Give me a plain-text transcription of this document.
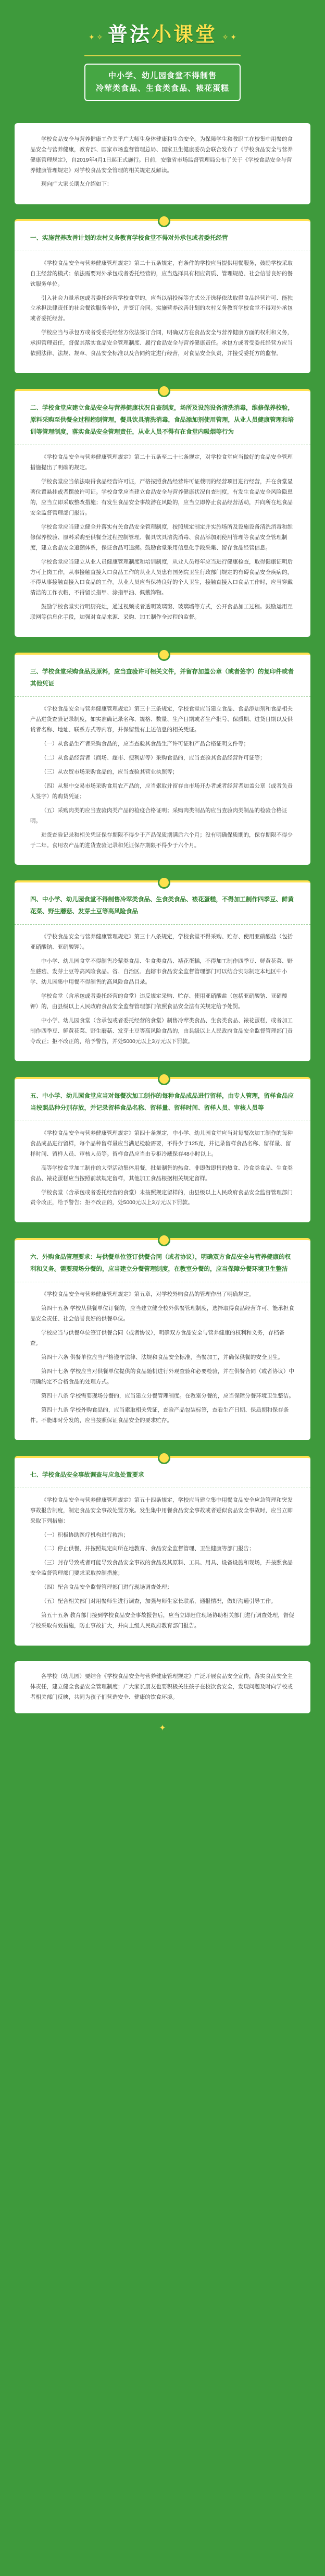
✦ ✧ 普法小课堂 ✧ ✦
中小学、幼儿园食堂不得制售
冷荤类食品、生食类食品、裱花蛋糕

学校食品安全与营养健康工作关乎广大师生身体健康和生命安全。为保障学生和教职工在校集中用餐的食品安全与营养健康，教育部、国家市场监督管理总局、国家卫生健康委员会联合发布了《学校食品安全与营养健康管理规定》，自2019年4月1日起正式施行。日前，安徽省市场监督管理局公布了关于《学校食品安全与营养健康管理规定》对学校食品安全管理的相关规定及解读。

现向广大家长朋友介绍如下：

一、实施营养改善计划的农村义务教育学校食堂不得对外承包或者委托经营

《学校食品安全与营养健康管理规定》第二十五条规定，有条件的学校应当提供用餐服务，鼓励学校采取自主经营的模式；依法需要对外承包或者委托经营的，应当选择具有相应资质、管理规范、社会信誉良好的餐饮服务单位。

引入社会力量承包或者委托经营学校食堂的，应当以招投标等方式公开选择依法取得食品经营许可、能独立承担法律责任的社会餐饮服务单位，并签订合同。实施营养改善计划的农村义务教育学校食堂不得对外承包或者委托经营。

学校应当与承包方或者受委托经营方依法签订合同，明确双方在食品安全与营养健康方面的权利和义务，承担管理责任，督促其落实食品安全管理制度、履行食品安全与营养健康责任。承包方或者受委托经营方应当依照法律、法规、规章、食品安全标准以及合同约定进行经营，对食品安全负责，并接受委托方的监督。

二、学校食堂应建立食品安全与营养健康状况自查制度，场所及设施设备清洗消毒，维修保养校验，原料采购至供餐全过程控制管理，餐具饮具清洗消毒，食品添加剂使用管理，从业人员健康管理和培训等管理制度，落实食品安全管理责任，从业人员不得有在食堂内吸烟等行为

《学校食品安全与营养健康管理规定》第二十五条至二十七条规定，对学校食堂应当做好的食品安全管理措施提出了明确的规定。

学校食堂应当依法取得食品经营许可证，严格按照食品经营许可证载明的经营项目进行经营，并在食堂显著位置悬挂或者摆放许可证。学校食堂应当建立食品安全与营养健康状况自查制度，有发生食品安全风险隐患的，应当立即采取整改措施；有发生食品安全事故潜在风险的，应当立即停止食品经营活动，并向所在地食品安全监督管理部门报告。

学校食堂应当建立健全并落实有关食品安全管理制度，按照规定制定并实施场所及设施设备清洗消毒和维修保养校验、原料采购至供餐全过程控制管理、餐具饮具清洗消毒、食品添加剂使用管理等食品安全管理制度，建立食品安全追溯体系，保证食品可追溯。鼓励食堂采用信息化手段采集、留存食品经营信息。

学校食堂应当建立从业人员健康管理制度和培训制度，从业人员每年应当进行健康检查，取得健康证明后方可上岗工作，从事接触直接入口食品工作的从业人员患有国务院卫生行政部门规定的有碍食品安全疾病的，不得从事接触直接入口食品的工作。从业人员应当保持良好的个人卫生，接触直接入口食品工作时，应当穿戴清洁的工作衣帽，不得留长指甲、涂指甲油、佩戴饰物。

鼓励学校食堂实行明厨亮灶，通过视频或者透明玻璃窗、玻璃墙等方式，公开食品加工过程。鼓励运用互联网等信息化手段，加强对食品来源、采购、加工制作全过程的监督。

三、学校食堂采购食品及原料，应当查验许可相关文件，并留存加盖公章（或者签字）的复印件或者其他凭证

《学校食品安全与营养健康管理规定》第三十三条规定，学校食堂应当建立食品、食品添加剂和食品相关产品进货查验记录制度，如实准确记录名称、规格、数量、生产日期或者生产批号、保质期、进货日期以及供货者名称、地址、联系方式等内容，并保留载有上述信息的相关凭证。

（一）从食品生产者采购食品的，应当查验其食品生产许可证和产品合格证明文件等；

（二）从食品经营者（商场、超市、便利店等）采购食品的，应当查验其食品经营许可证等；

（三）从农贸市场采购食品的，应当查验其营业执照等；

（四）从集中交易市场采购食用农产品的，应当索取并留存由市场开办者或者经营者加盖公章（或者负责人签字）的购货凭证；

（五）采购肉类的应当查验肉类产品的检疫合格证明；采购肉类制品的应当查验肉类制品的检验合格证明。

进货查验记录和相关凭证保存期限不得少于产品保质期满后六个月；没有明确保质期的，保存期限不得少于二年。食用农产品的进货查验记录和凭证保存期限不得少于六个月。

四、中小学、幼儿园食堂不得制售冷荤类食品、生食类食品、裱花蛋糕，不得加工制作四季豆、鲜黄花菜、野生蘑菇、发芽土豆等高风险食品

《学校食品安全与营养健康管理规定》第三十八条规定，学校食堂不得采购、贮存、使用亚硝酸盐（包括亚硝酸钠、亚硝酸钾）。

中小学、幼儿园食堂不得制售冷荤类食品、生食类食品、裱花蛋糕，不得加工制作四季豆、鲜黄花菜、野生蘑菇、发芽土豆等高风险食品。省、自治区、直辖市食品安全监督管理部门可以结合实际制定本地区中小学、幼儿园集中用餐不得制售的高风险食品目录。

学校食堂（含承包或者委托经营的食堂）违反规定采购、贮存、使用亚硝酸盐（包括亚硝酸钠、亚硝酸钾）的，由县级以上人民政府食品安全监督管理部门依照食品安全法有关规定给予处罚。

中小学、幼儿园食堂（含承包或者委托经营的食堂）制售冷荤类食品、生食类食品、裱花蛋糕，或者加工制作四季豆、鲜黄花菜、野生蘑菇、发芽土豆等高风险食品的，由县级以上人民政府食品安全监督管理部门责令改正；拒不改正的，给予警告，并处5000元以上3万元以下罚款。

五、中小学、幼儿园食堂应当对每餐次加工制作的每种食品成品进行留样，由专人管理，留样食品应当按照品种分别存放，并记录留样食品名称、留样量、留样时间、留样人员、审核人员等

《学校食品安全与营养健康管理规定》第四十条规定，中小学、幼儿园食堂应当对每餐次加工制作的每种食品成品进行留样，每个品种留样量应当满足检验需要，不得少于125克，并记录留样食品名称、留样量、留样时间、留样人员、审核人员等。留样食品应当由专柜冷藏保存48小时以上。

高等学校食堂加工制作的大型活动集体用餐，批量制售的热食、非即做即售的热食、冷食类食品、生食类食品、裱花蛋糕应当按照前款规定留样，其他加工食品根据相关规定留样。

学校食堂（含承包或者委托经营的食堂）未按照规定留样的，由县级以上人民政府食品安全监督管理部门责令改正，给予警告；拒不改正的，处5000元以上3万元以下罚款。

六、外购食品管理要求：与供餐单位签订供餐合同（或者协议），明确双方食品安全与营养健康的权利和义务。需要现场分餐的，应当建立分餐管理制度，在教室分餐的，应当保障分餐环境卫生整洁

《学校食品安全与营养健康管理规定》第五章，对学校外购食品的管理作出了明确规定。

第四十五条 学校从供餐单位订餐的，应当建立健全校外供餐管理制度，选择取得食品经营许可、能承担食品安全责任、社会信誉良好的供餐单位。

学校应当与供餐单位签订供餐合同（或者协议），明确双方食品安全与营养健康的权利和义务，存档备查。

第四十六条 供餐单位应当严格遵守法律、法规和食品安全标准，当餐加工，并确保供餐的安全卫生。

第四十七条 学校应当对供餐单位提供的食品随机进行外观查验和必要检验，并在供餐合同（或者协议）中明确约定不合格食品的处理方式。

第四十八条 学校需要现场分餐的，应当建立分餐管理制度。在教室分餐的，应当保障分餐环境卫生整洁。

第四十九条 学校外购食品的，应当索取相关凭证，查验产品包装标签，查看生产日期、保质期和保存条件。不能即时分发的，应当按照保证食品安全的要求贮存。

七、学校食品安全事故调查与应急处置要求

《学校食品安全与营养健康管理规定》第五十四条规定，学校应当建立集中用餐食品安全应急管理和突发事故报告制度，制定食品安全事故处置方案。发生集中用餐食品安全事故或者疑似食品安全事故时，应当立即采取下列措施：

（一）积极协助医疗机构进行救治；

（二）停止供餐，并按照规定向所在地教育、食品安全监督管理、卫生健康等部门报告；

（三）封存导致或者可能导致食品安全事故的食品及其原料、工具、用具、设备设施和现场，并按照食品安全监督管理部门要求采取控制措施；

（四）配合食品安全监督管理部门进行现场调查处理；

（五）配合相关部门对用餐师生进行调查，加强与师生家长联系，通报情况，做好沟通引导工作。

第五十五条 教育部门接到学校食品安全事故报告后，应当立即赶往现场协助相关部门进行调查处理，督促学校采取有效措施，防止事故扩大，并向上级人民政府教育部门报告。

各学校（幼儿园）要结合《学校食品安全与营养健康管理规定》广泛开展食品安全宣传，落实食品安全主体责任，建立健全食品安全管理制度；广大家长朋友也要积极关注孩子在校饮食安全，发现问题及时向学校或者相关部门反映，共同为孩子们营造安全、健康的饮食环境。

✦
